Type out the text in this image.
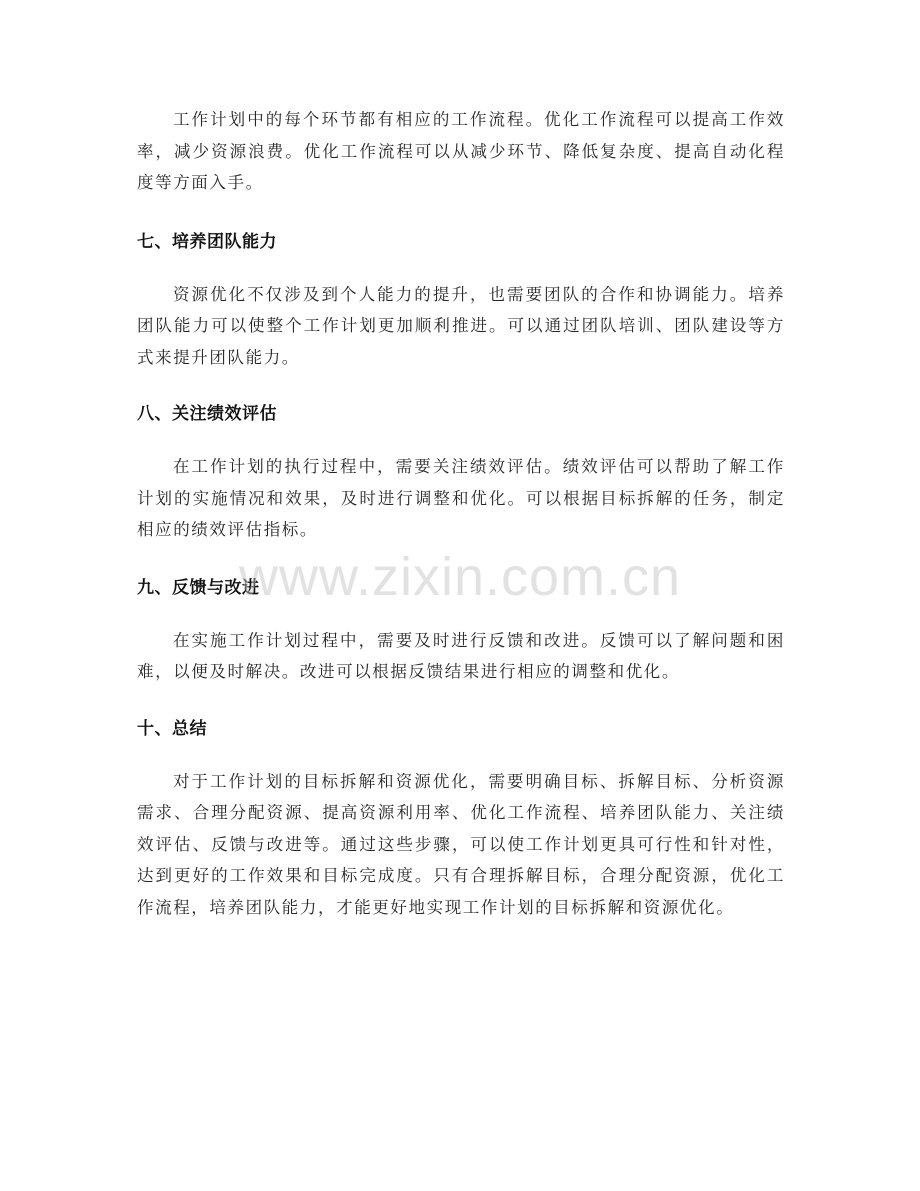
工作计划中的每个环节都有相应的工作流程。优化工作流程可以提高工作效率，减少资源浪费。优化工作流程可以从减少环节、降低复杂度、提高自动化程度等方面入手。

七、培养团队能力

资源优化不仅涉及到个人能力的提升，也需要团队的合作和协调能力。培养团队能力可以使整个工作计划更加顺利推进。可以通过团队培训、团队建设等方式来提升团队能力。

八、关注绩效评估

在工作计划的执行过程中，需要关注绩效评估。绩效评估可以帮助了解工作计划的实施情况和效果，及时进行调整和优化。可以根据目标拆解的任务，制定相应的绩效评估指标。

九、反馈与改进

在实施工作计划过程中，需要及时进行反馈和改进。反馈可以了解问题和困难，以便及时解决。改进可以根据反馈结果进行相应的调整和优化。

十、总结

对于工作计划的目标拆解和资源优化，需要明确目标、拆解目标、分析资源需求、合理分配资源、提高资源利用率、优化工作流程、培养团队能力、关注绩效评估、反馈与改进等。通过这些步骤，可以使工作计划更具可行性和针对性，达到更好的工作效果和目标完成度。只有合理拆解目标，合理分配资源，优化工作流程，培养团队能力，才能更好地实现工作计划的目标拆解和资源优化。

www.zixin.com.cn
